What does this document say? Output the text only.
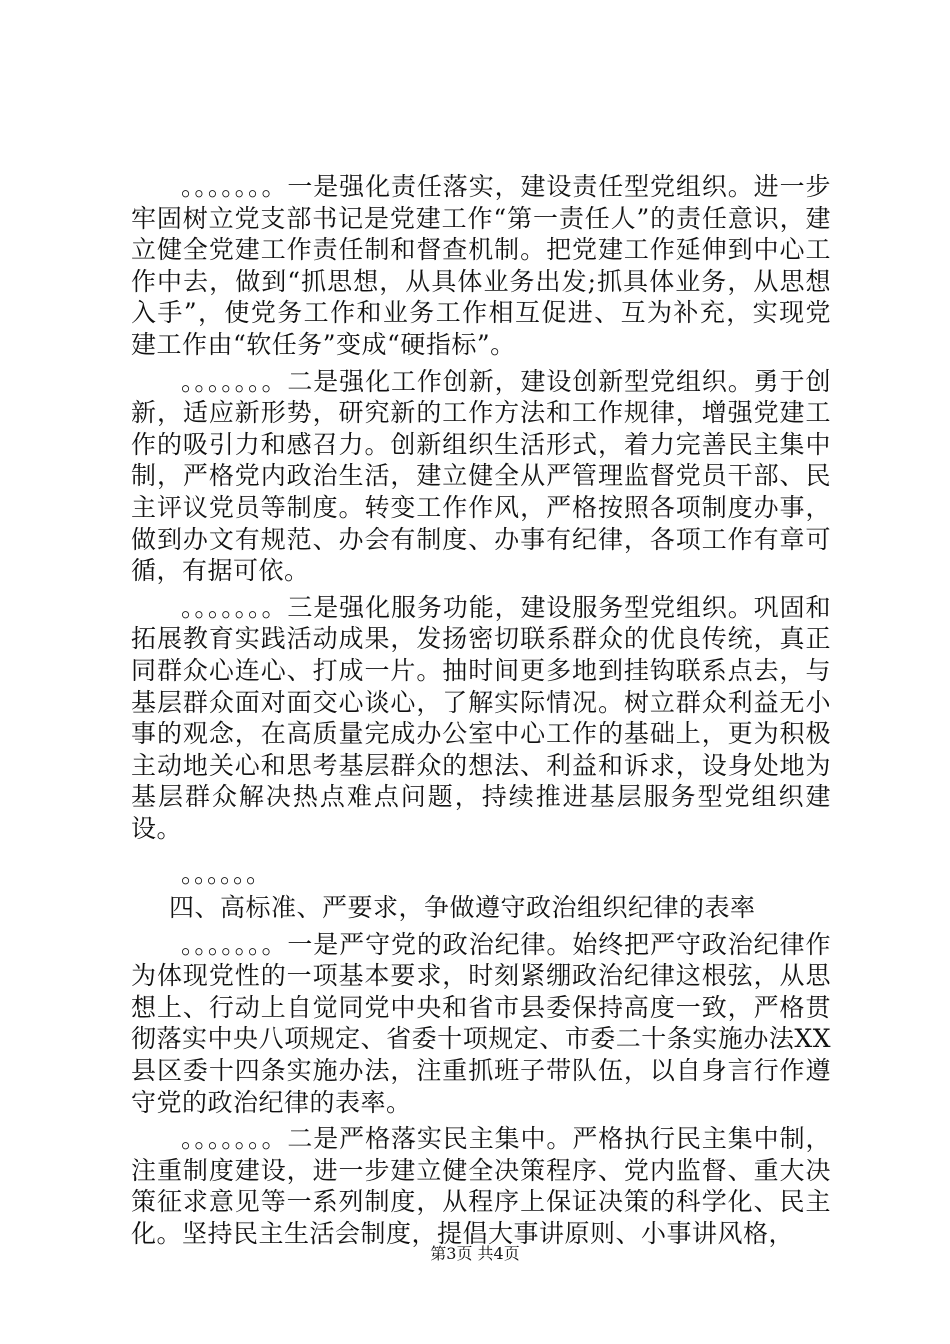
。。。。。。。一是强化责任落实，建设责任型党组织。进一步牢固树立党支部书记是党建工作“第一责任人”的责任意识，建立健全党建工作责任制和督查机制。把党建工作延伸到中心工作中去，做到“抓思想，从具体业务出发;抓具体业务，从思想入手”，使党务工作和业务工作相互促进、互为补充，实现党建工作由“软任务”变成“硬指标”。

。。。。。。。二是强化工作创新，建设创新型党组织。勇于创新，适应新形势，研究新的工作方法和工作规律，增强党建工作的吸引力和感召力。创新组织生活形式，着力完善民主集中制，严格党内政治生活，建立健全从严管理监督党员干部、民主评议党员等制度。转变工作作风，严格按照各项制度办事，做到办文有规范、办会有制度、办事有纪律，各项工作有章可循，有据可依。

。。。。。。。三是强化服务功能，建设服务型党组织。巩固和拓展教育实践活动成果，发扬密切联系群众的优良传统，真正同群众心连心、打成一片。抽时间更多地到挂钩联系点去，与基层群众面对面交心谈心，了解实际情况。树立群众利益无小事的观念，在高质量完成办公室中心工作的基础上，更为积极主动地关心和思考基层群众的想法、利益和诉求，设身处地为基层群众解决热点难点问题，持续推进基层服务型党组织建设。

。。。。。。

四、高标准、严要求，争做遵守政治组织纪律的表率

。。。。。。。一是严守党的政治纪律。始终把严守政治纪律作为体现党性的一项基本要求，时刻紧绷政治纪律这根弦，从思想上、行动上自觉同党中央和省市县委保持高度一致，严格贯彻落实中央八项规定、省委十项规定、市委二十条实施办法XX县区委十四条实施办法，注重抓班子带队伍，以自身言行作遵守党的政治纪律的表率。

。。。。。。。二是严格落实民主集中。严格执行民主集中制，注重制度建设，进一步建立健全决策程序、党内监督、重大决策征求意见等一系列制度，从程序上保证决策的科学化、民主化。坚持民主生活会制度，提倡大事讲原则、小事讲风格，

第3页 共4页
